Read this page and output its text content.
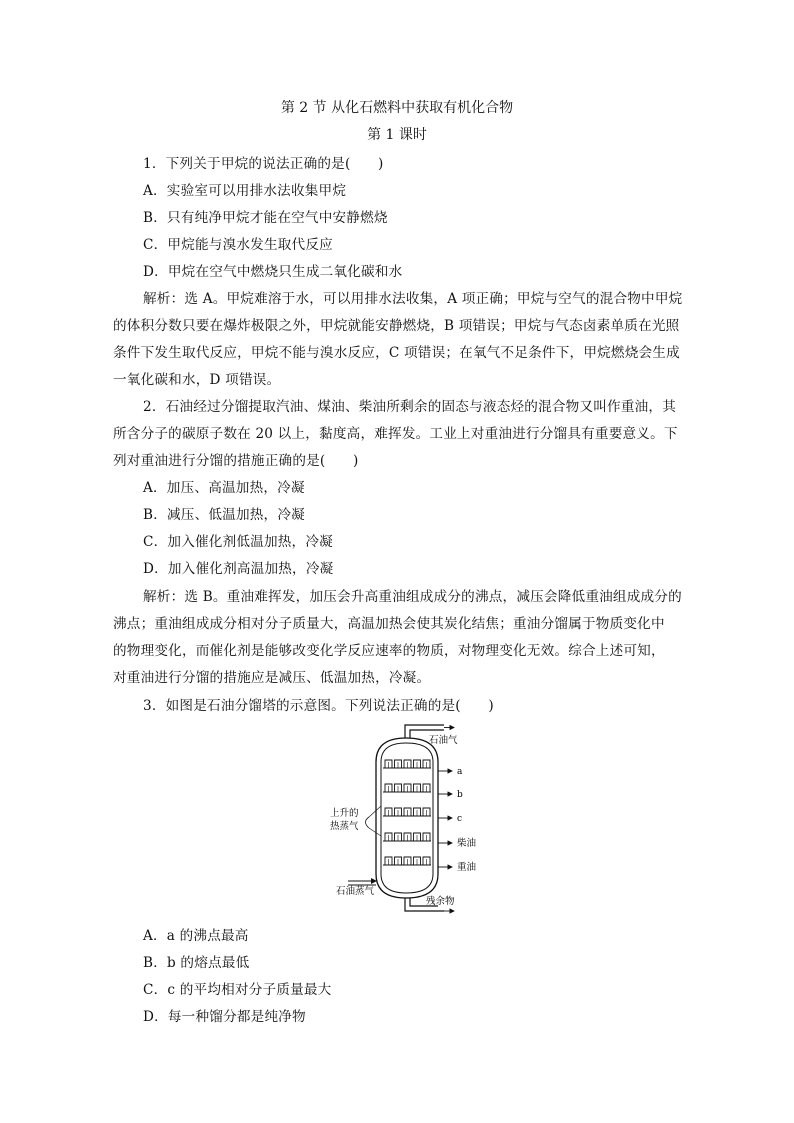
第 2 节 从化石燃料中获取有机化合物
第 1 课时
1．下列关于甲烷的说法正确的是(　　)
A．实验室可以用排水法收集甲烷
B．只有纯净甲烷才能在空气中安静燃烧
C．甲烷能与溴水发生取代反应
D．甲烷在空气中燃烧只生成二氧化碳和水
解析：选 A。甲烷难溶于水，可以用排水法收集，A 项正确；甲烷与空气的混合物中甲烷
的体积分数只要在爆炸极限之外，甲烷就能安静燃烧，B 项错误；甲烷与气态卤素单质在光照
条件下发生取代反应，甲烷不能与溴水反应，C 项错误；在氧气不足条件下，甲烷燃烧会生成
一氧化碳和水，D 项错误。
2．石油经过分馏提取汽油、煤油、柴油所剩余的固态与液态烃的混合物又叫作重油，其
所含分子的碳原子数在 20 以上，黏度高，难挥发。工业上对重油进行分馏具有重要意义。下
列对重油进行分馏的措施正确的是(　　)
A．加压、高温加热，冷凝
B．减压、低温加热，冷凝
C．加入催化剂低温加热，冷凝
D．加入催化剂高温加热，冷凝
解析：选 B。重油难挥发，加压会升高重油组成成分的沸点，减压会降低重油组成成分的
沸点；重油组成成分相对分子质量大，高温加热会使其炭化结焦；重油分馏属于物质变化中
的物理变化，而催化剂是能够改变化学反应速率的物质，对物理变化无效。综合上述可知，
对重油进行分馏的措施应是减压、低温加热，冷凝。
3．如图是石油分馏塔的示意图。下列说法正确的是(　　)
石油气
a
b
c
柴油
重油
上升的
热蒸气
石油蒸气
残余物
A．a 的沸点最高
B．b 的熔点最低
C．c 的平均相对分子质量最大
D．每一种馏分都是纯净物
